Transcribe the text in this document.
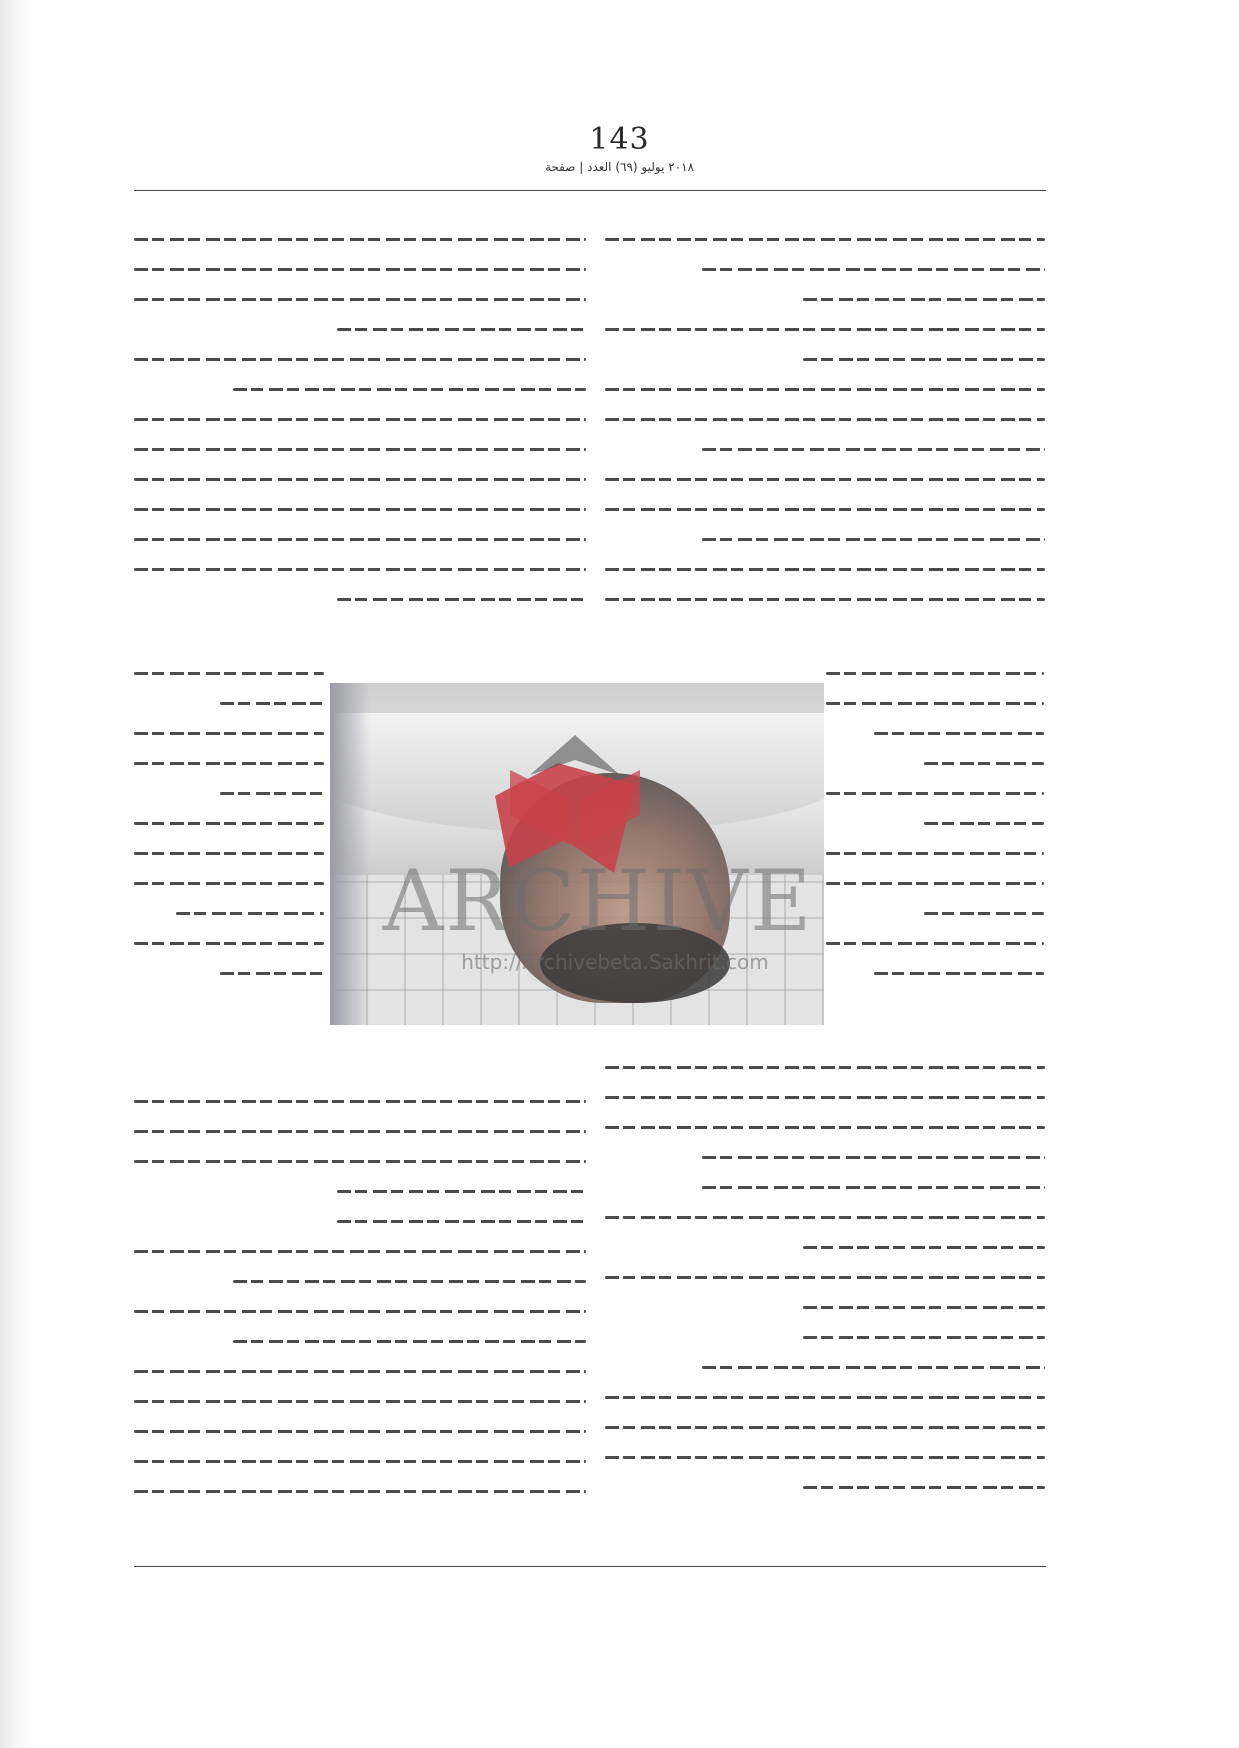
143
٢٠١٨ يوليو (٦٩) العدد | صفحة
ARCHIVE
http://Archivebeta.Sakhrit.com
